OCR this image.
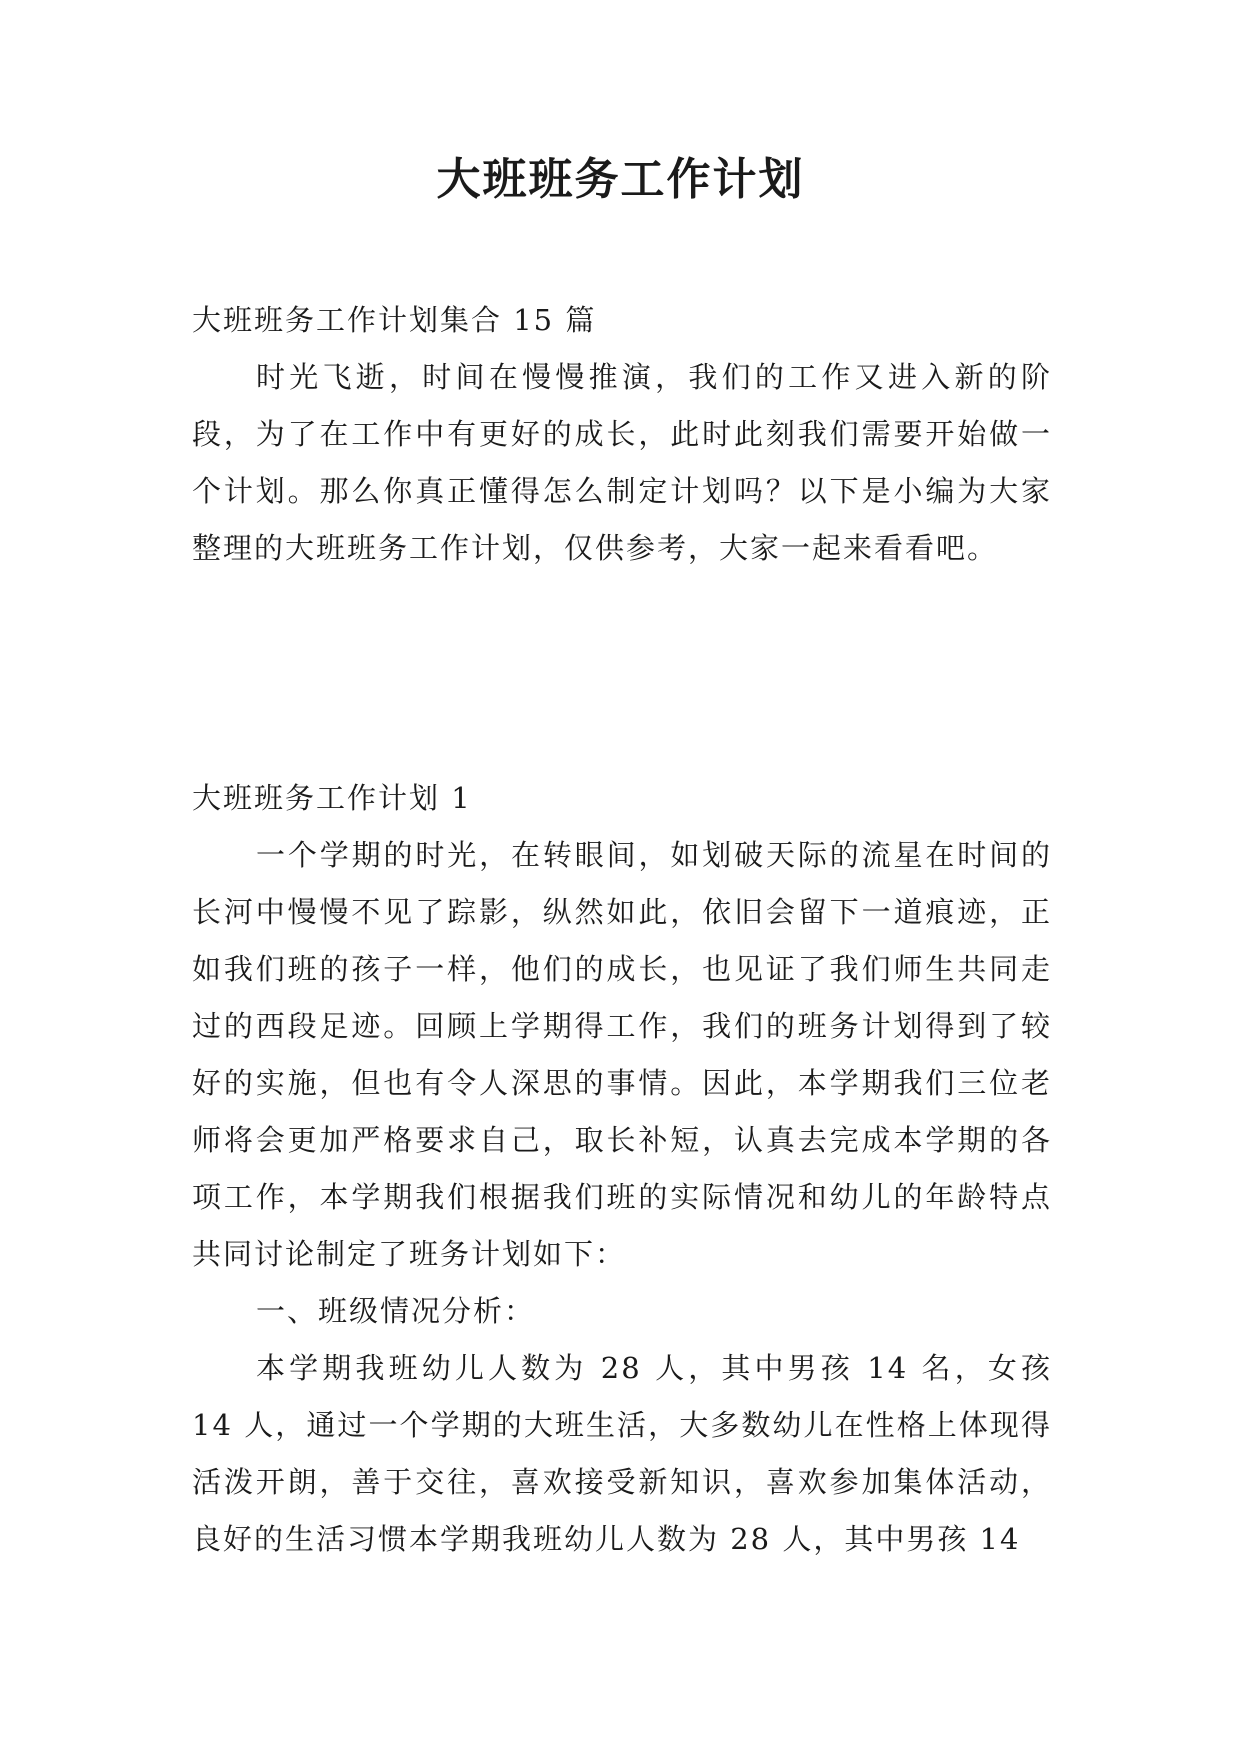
大班班务工作计划

大班班务工作计划集合 15 篇

时光飞逝，时间在慢慢推演，我们的工作又进入新的阶段，为了在工作中有更好的成长，此时此刻我们需要开始做一个计划。那么你真正懂得怎么制定计划吗？以下是小编为大家整理的大班班务工作计划，仅供参考，大家一起来看看吧。

大班班务工作计划 1

一个学期的时光，在转眼间，如划破天际的流星在时间的长河中慢慢不见了踪影，纵然如此，依旧会留下一道痕迹，正如我们班的孩子一样，他们的成长，也见证了我们师生共同走过的西段足迹。回顾上学期得工作，我们的班务计划得到了较好的实施，但也有令人深思的事情。因此，本学期我们三位老师将会更加严格要求自己，取长补短，认真去完成本学期的各项工作，本学期我们根据我们班的实际情况和幼儿的年龄特点共同讨论制定了班务计划如下：

一、班级情况分析：

本学期我班幼儿人数为 28 人，其中男孩 14 名，女孩 14 人，通过一个学期的大班生活，大多数幼儿在性格上体现得活泼开朗，善于交往，喜欢接受新知识，喜欢参加集体活动，良好的生活习惯本学期我班幼儿人数为 28 人，其中男孩 14
